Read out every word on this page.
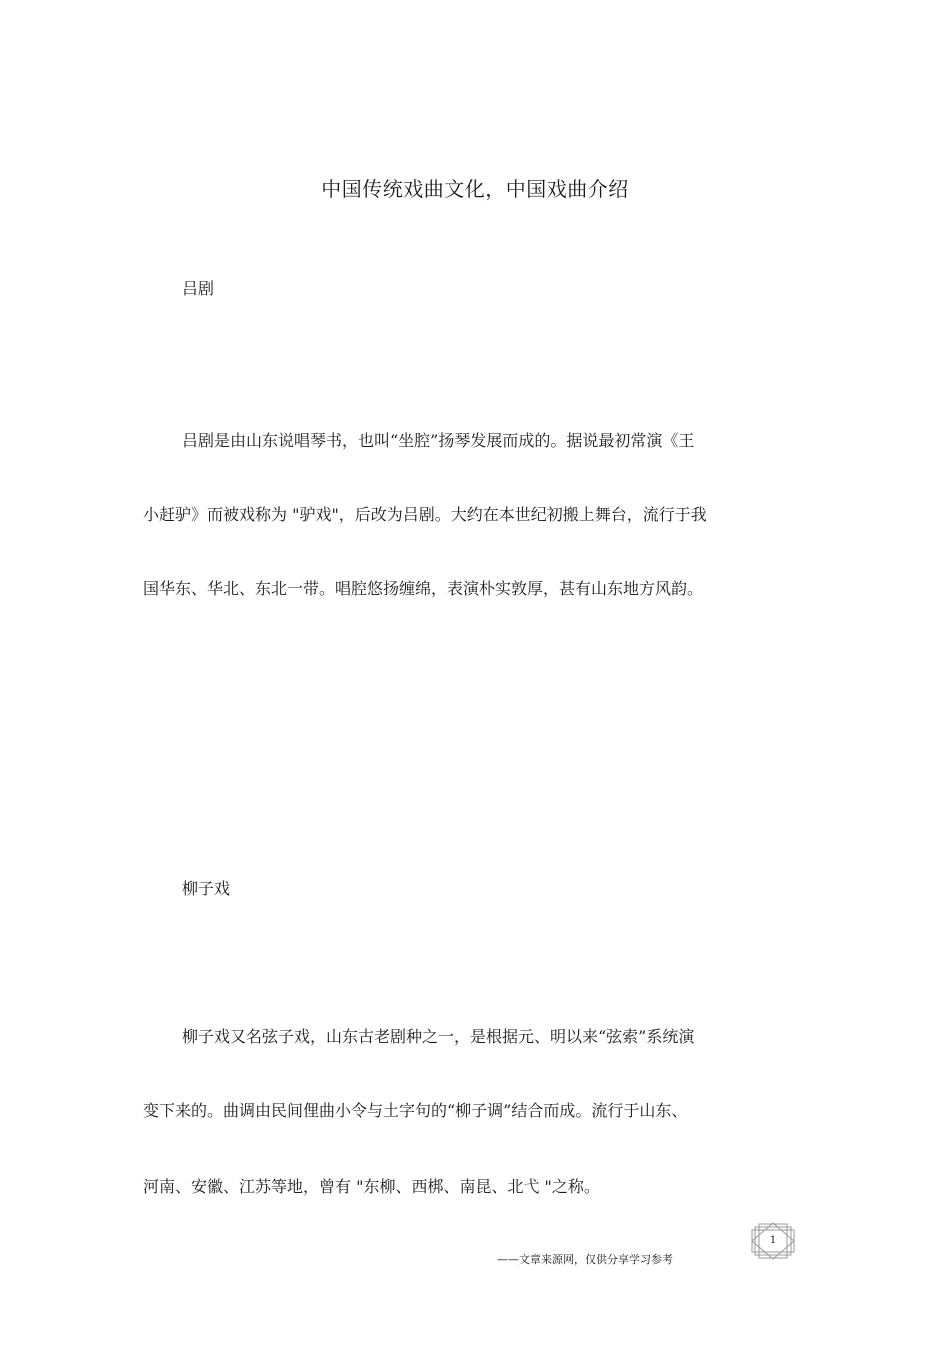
中国传统戏曲文化，中国戏曲介绍
吕剧
吕剧是由山东说唱琴书，也叫“坐腔”扬琴发展而成的。据说最初常演《王
小赶驴》而被戏称为 "驴戏"，后改为吕剧。大约在本世纪初搬上舞台，流行于我
国华东、华北、东北一带。唱腔悠扬缠绵，表演朴实敦厚，甚有山东地方风韵。
柳子戏
柳子戏又名弦子戏，山东古老剧种之一，是根据元、明以来“弦索”系统演
变下来的。曲调由民间俚曲小令与土字句的“柳子调”结合而成。流行于山东、
河南、安徽、江苏等地，曾有 "东柳、西梆、南昆、北弋 "之称。
——文章来源网，仅供分享学习参考
1
